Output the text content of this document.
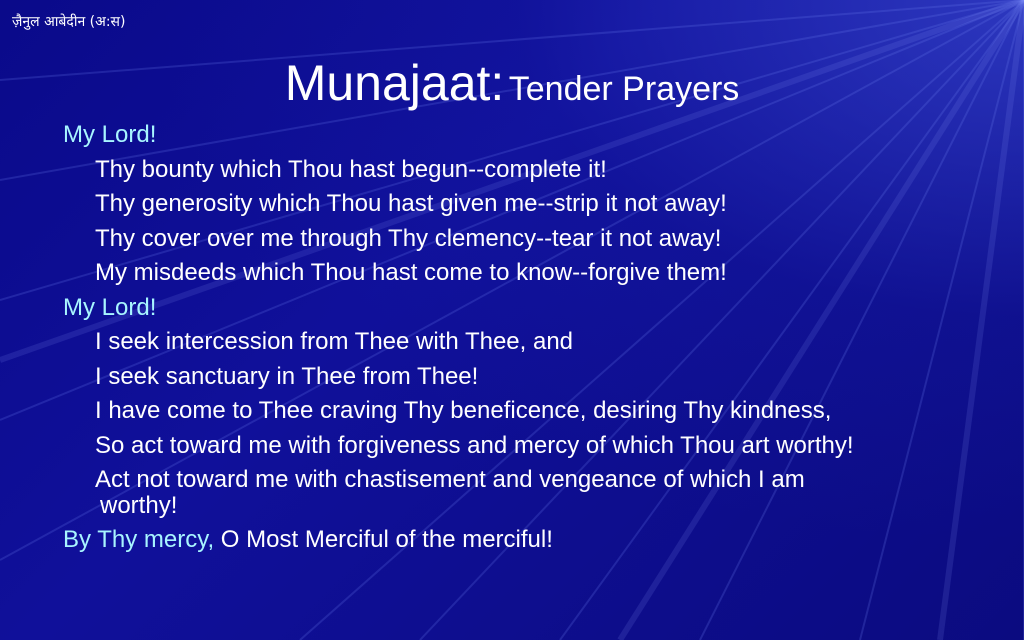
ज़ैनुल आबेदीन (अ:स)
Munajaat: Tender Prayers
My Lord!
Thy bounty which Thou hast begun--complete it!
Thy generosity which Thou hast given me--strip it not away!
Thy cover over me through Thy clemency--tear it not away!
My misdeeds which Thou hast come to know--forgive them!
My Lord!
I seek intercession from Thee with Thee, and
I seek sanctuary in Thee from Thee!
I have come to Thee craving Thy beneficence, desiring Thy kindness,
So act toward me with forgiveness and mercy of which Thou art worthy!
Act not toward me with chastisement and vengeance of which I am
worthy!
By Thy mercy, O Most Merciful of the merciful!
